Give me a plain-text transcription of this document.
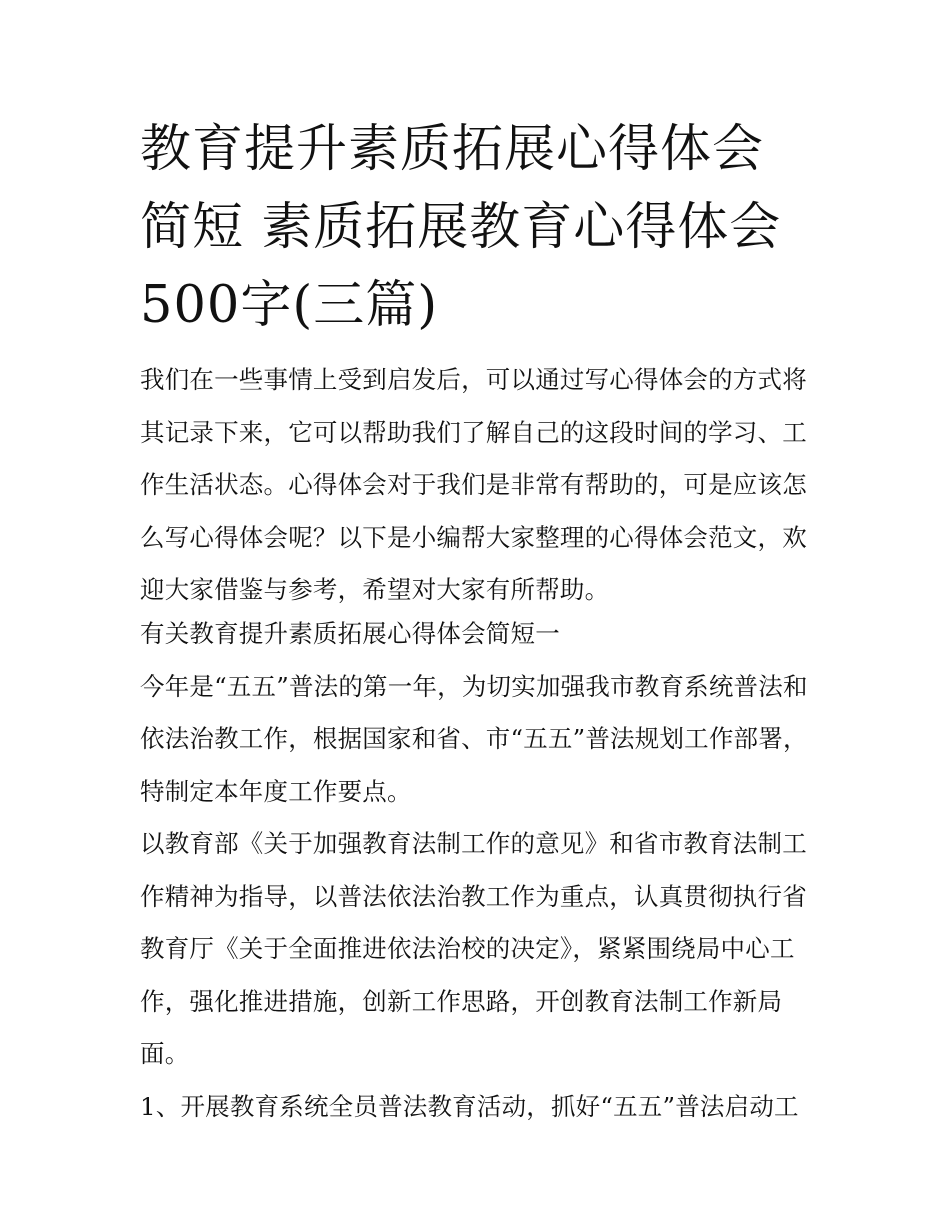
教育提升素质拓展心得体会简短 素质拓展教育心得体会500字(三篇)

我们在一些事情上受到启发后，可以通过写心得体会的方式将其记录下来，它可以帮助我们了解自己的这段时间的学习、工作生活状态。心得体会对于我们是非常有帮助的，可是应该怎么写心得体会呢？以下是小编帮大家整理的心得体会范文，欢迎大家借鉴与参考，希望对大家有所帮助。

有关教育提升素质拓展心得体会简短一

今年是“五五”普法的第一年，为切实加强我市教育系统普法和依法治教工作，根据国家和省、市“五五”普法规划工作部署，特制定本年度工作要点。

以教育部《关于加强教育法制工作的意见》和省市教育法制工作精神为指导，以普法依法治教工作为重点，认真贯彻执行省教育厅《关于全面推进依法治校的决定》，紧紧围绕局中心工作，强化推进措施，创新工作思路，开创教育法制工作新局面。

1、开展教育系统全员普法教育活动，抓好“五五”普法启动工
